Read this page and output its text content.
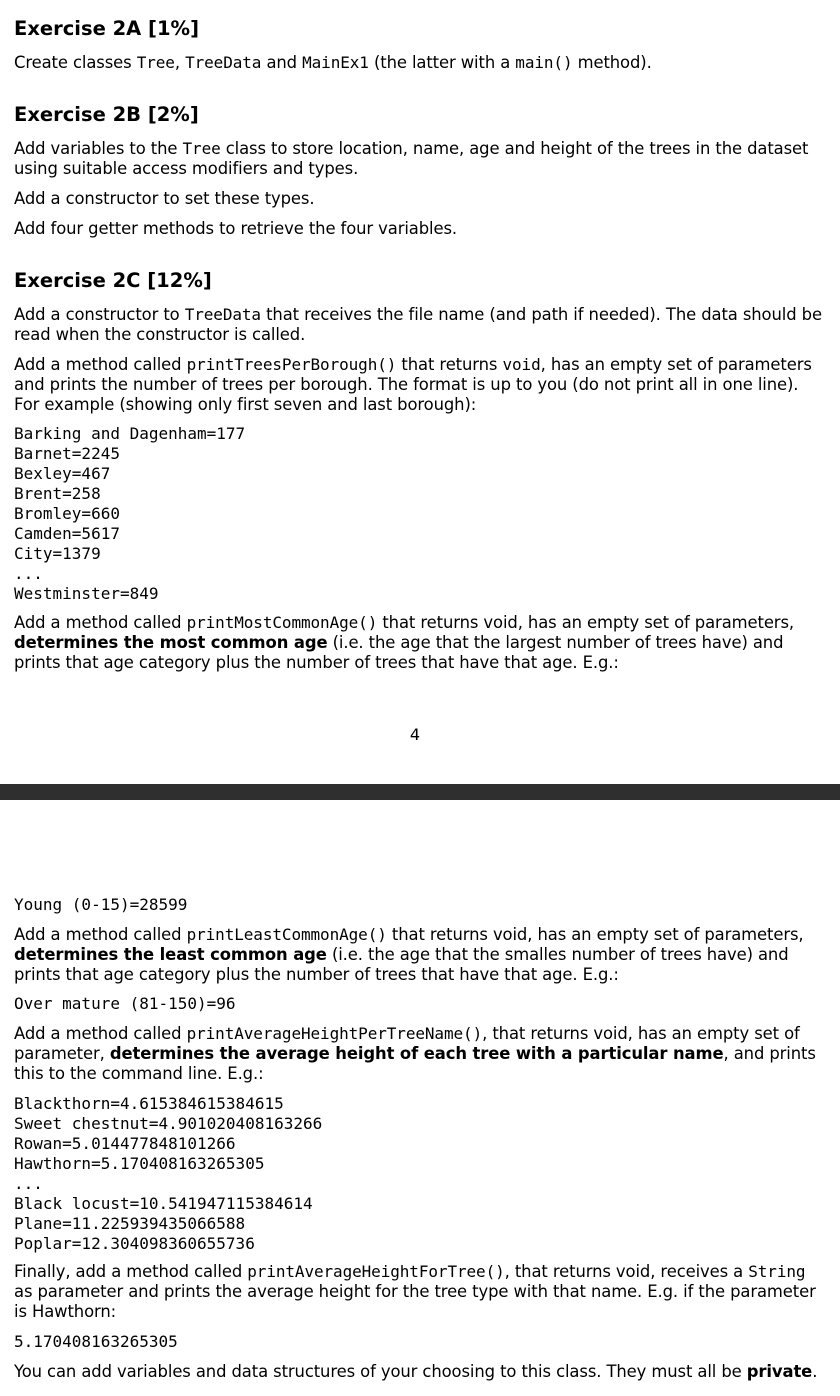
Exercise 2A [1%]

Create classes Tree, TreeData and MainEx1 (the latter with a main() method).

Exercise 2B [2%]

Add variables to the Tree class to store location, name, age and height of the trees in the dataset using suitable access modifiers and types.

Add a constructor to set these types.

Add four getter methods to retrieve the four variables.

Exercise 2C [12%]

Add a constructor to TreeData that receives the file name (and path if needed). The data should be read when the constructor is called.

Add a method called printTreesPerBorough() that returns void, has an empty set of parameters and prints the number of trees per borough. The format is up to you (do not print all in one line). For example (showing only first seven and last borough):

Barking and Dagenham=177
Barnet=2245
Bexley=467
Brent=258
Bromley=660
Camden=5617
City=1379
...
Westminster=849

Add a method called printMostCommonAge() that returns void, has an empty set of parameters, determines the most common age (i.e. the age that the largest number of trees have) and prints that age category plus the number of trees that have that age. E.g.:

4
Young (0-15)=28599

Add a method called printLeastCommonAge() that returns void, has an empty set of parameters, determines the least common age (i.e. the age that the smalles number of trees have) and prints that age category plus the number of trees that have that age. E.g.:

Over mature (81-150)=96

Add a method called printAverageHeightPerTreeName(), that returns void, has an empty set of parameter, determines the average height of each tree with a particular name, and prints this to the command line. E.g.:

Blackthorn=4.615384615384615
Sweet chestnut=4.901020408163266
Rowan=5.014477848101266
Hawthorn=5.170408163265305
...
Black locust=10.541947115384614
Plane=11.225939435066588
Poplar=12.304098360655736

Finally, add a method called printAverageHeightForTree(), that returns void, receives a String as parameter and prints the average height for the tree type with that name. E.g. if the parameter is Hawthorn:

5.170408163265305

You can add variables and data structures of your choosing to this class. They must all be private.
